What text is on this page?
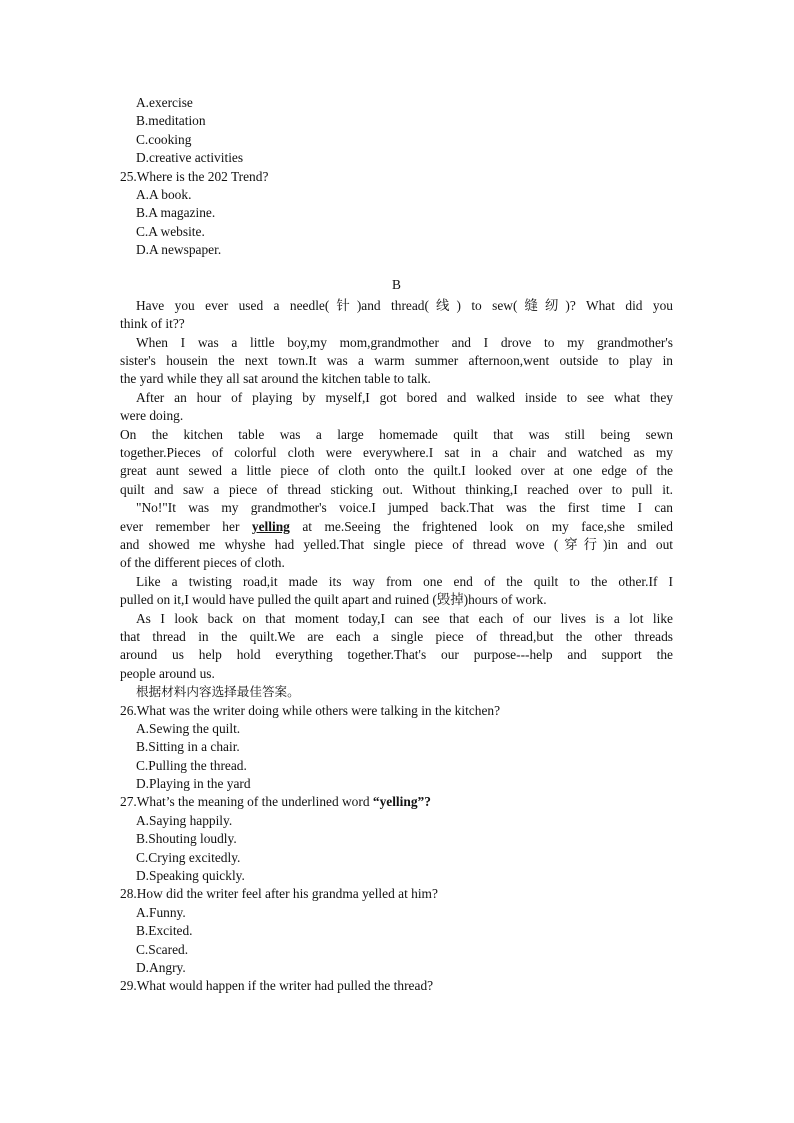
A.exercise
B.meditation
C.cooking
D.creative activities
25.Where is the 202 Trend?
A.A book.
B.A magazine.
C.A website.
D.A newspaper.
B
Have you ever used a needle(针)and thread(线) to sew(缝纫)? What did you
think of it??
When I was a little boy,my mom,grandmother and I drove to my grandmother's
sister's housein the next town.It was a warm summer afternoon,went outside to play in
the yard while they all sat around the kitchen table to talk.
After an hour of playing by myself,I got bored and walked inside to see what they
were doing.
On the kitchen table was a large homemade quilt that was still being sewn
together.Pieces of colorful cloth were everywhere.I sat in a chair and watched as my
great aunt sewed a little piece of cloth onto the quilt.I looked over at one edge of the
quilt and saw a piece of thread sticking out. Without thinking,I reached over to pull it.
"No!"It was my grandmother's voice.I jumped back.That was the first time I can
ever remember her yelling at me.Seeing the frightened look on my face,she smiled
and showed me whyshe had yelled.That single piece of thread wove (穿行)in and out
of the different pieces of cloth.
Like a twisting road,it made its way from one end of the quilt to the other.If I
pulled on it,I would have pulled the quilt apart and ruined (毁掉)hours of work.
As I look back on that moment today,I can see that each of our lives is a lot like
that thread in the quilt.We are each a single piece of thread,but the other threads
around us help hold everything together.That's our purpose---help and support the
people around us.
根据材料内容选择最佳答案。
26.What was the writer doing while others were talking in the kitchen?
A.Sewing the quilt.
B.Sitting in a chair.
C.Pulling the thread.
D.Playing in the yard
27.What’s the meaning of the underlined word “yelling”?
A.Saying happily.
B.Shouting loudly.
C.Crying excitedly.
D.Speaking quickly.
28.How did the writer feel after his grandma yelled at him?
A.Funny.
B.Excited.
C.Scared.
D.Angry.
29.What would happen if the writer had pulled the thread?
